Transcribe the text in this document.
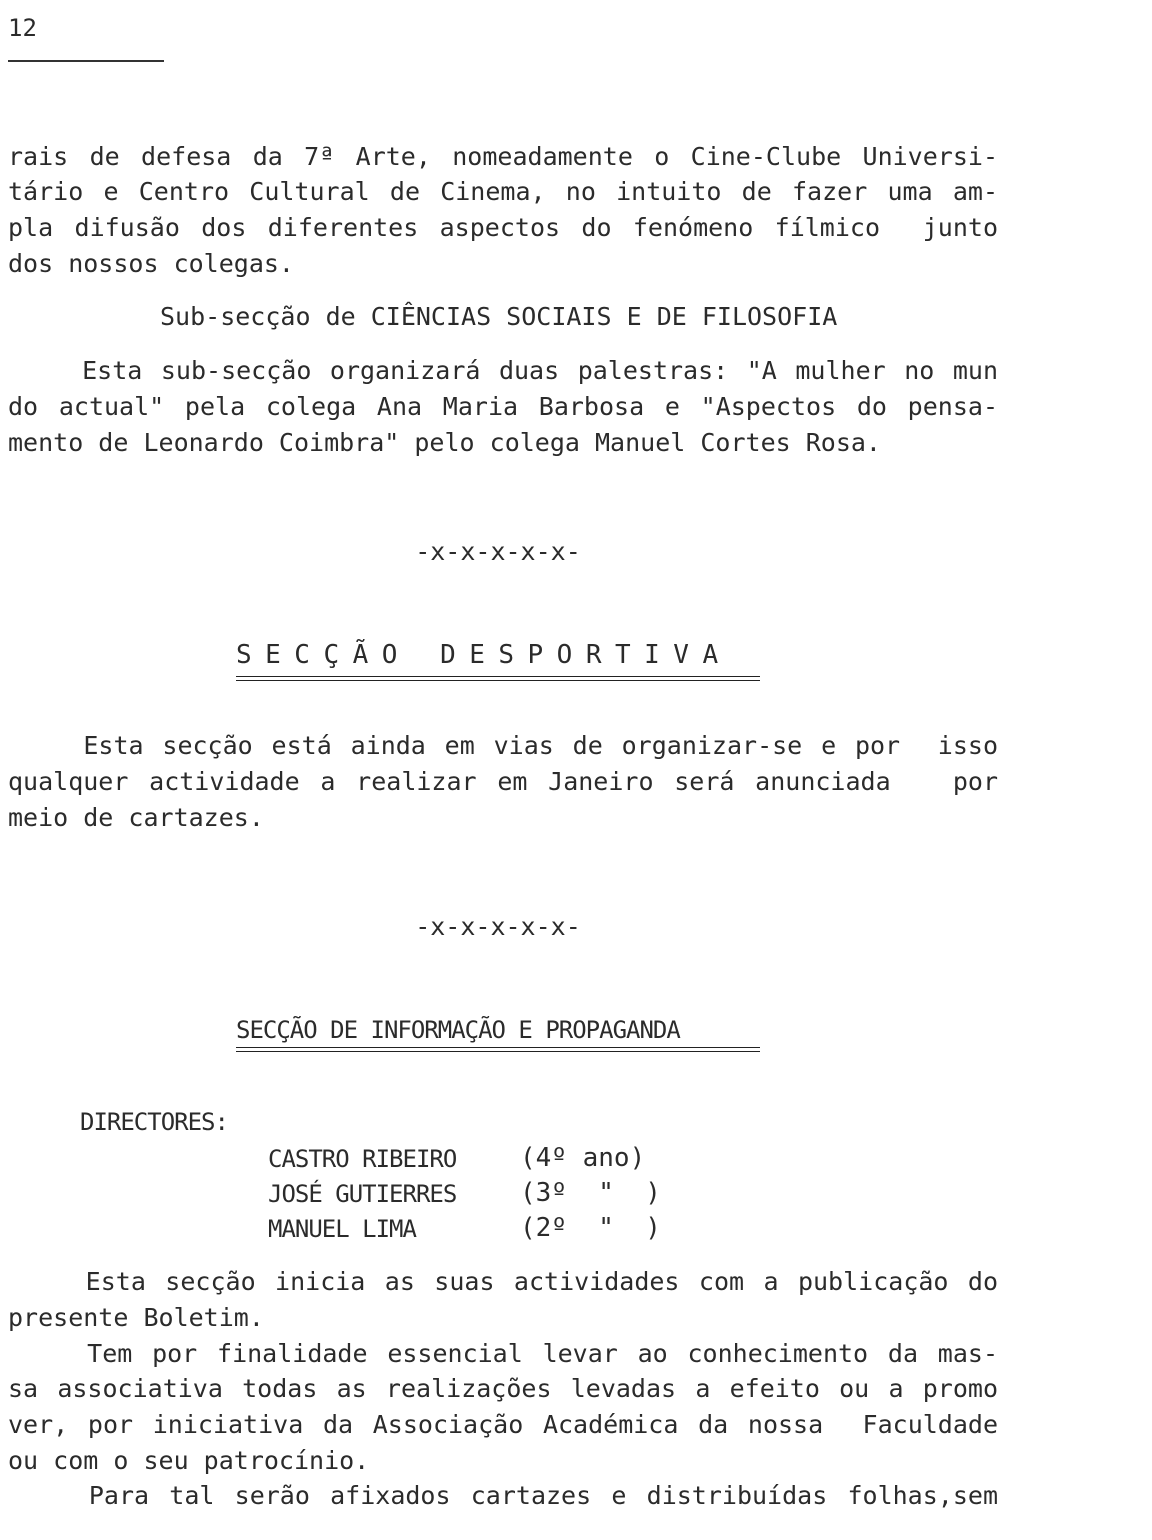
12
rais de defesa da 7ª Arte, nomeadamente o Cine-Clube Universi-
tário e Centro Cultural de Cinema, no intuito de fazer uma am-
pla difusão dos diferentes aspectos do fenómeno fílmico  junto
dos nossos colegas.
Sub-secção de CIÊNCIAS SOCIAIS E DE FILOSOFIA
Esta sub-secção organizará duas palestras: "A mulher no mun
do actual" pela colega Ana Maria Barbosa e "Aspectos do pensa-
mento de Leonardo Coimbra" pelo colega Manuel Cortes Rosa.
-x-x-x-x-x-
SECÇÃO DESPORTIVA
Esta secção está ainda em vias de organizar-se e por  isso
qualquer actividade a realizar em Janeiro será anunciada   por
meio de cartazes.
-x-x-x-x-x-
SECÇÃO DE INFORMAÇÃO E PROPAGANDA
DIRECTORES:
CASTRO RIBEIRO (4º ano)
JOSÉ GUTIERRES (3º  "  )
MANUEL LIMA	(2º  "  )
Esta secção inicia as suas actividades com a publicação do
presente Boletim.
Tem por finalidade essencial levar ao conhecimento da mas-
sa associativa todas as realizações levadas a efeito ou a promo
ver, por iniciativa da Associação Académica da nossa  Faculdade
ou com o seu patrocínio.
Para tal serão afixados cartazes e distribuídas folhas,sem
